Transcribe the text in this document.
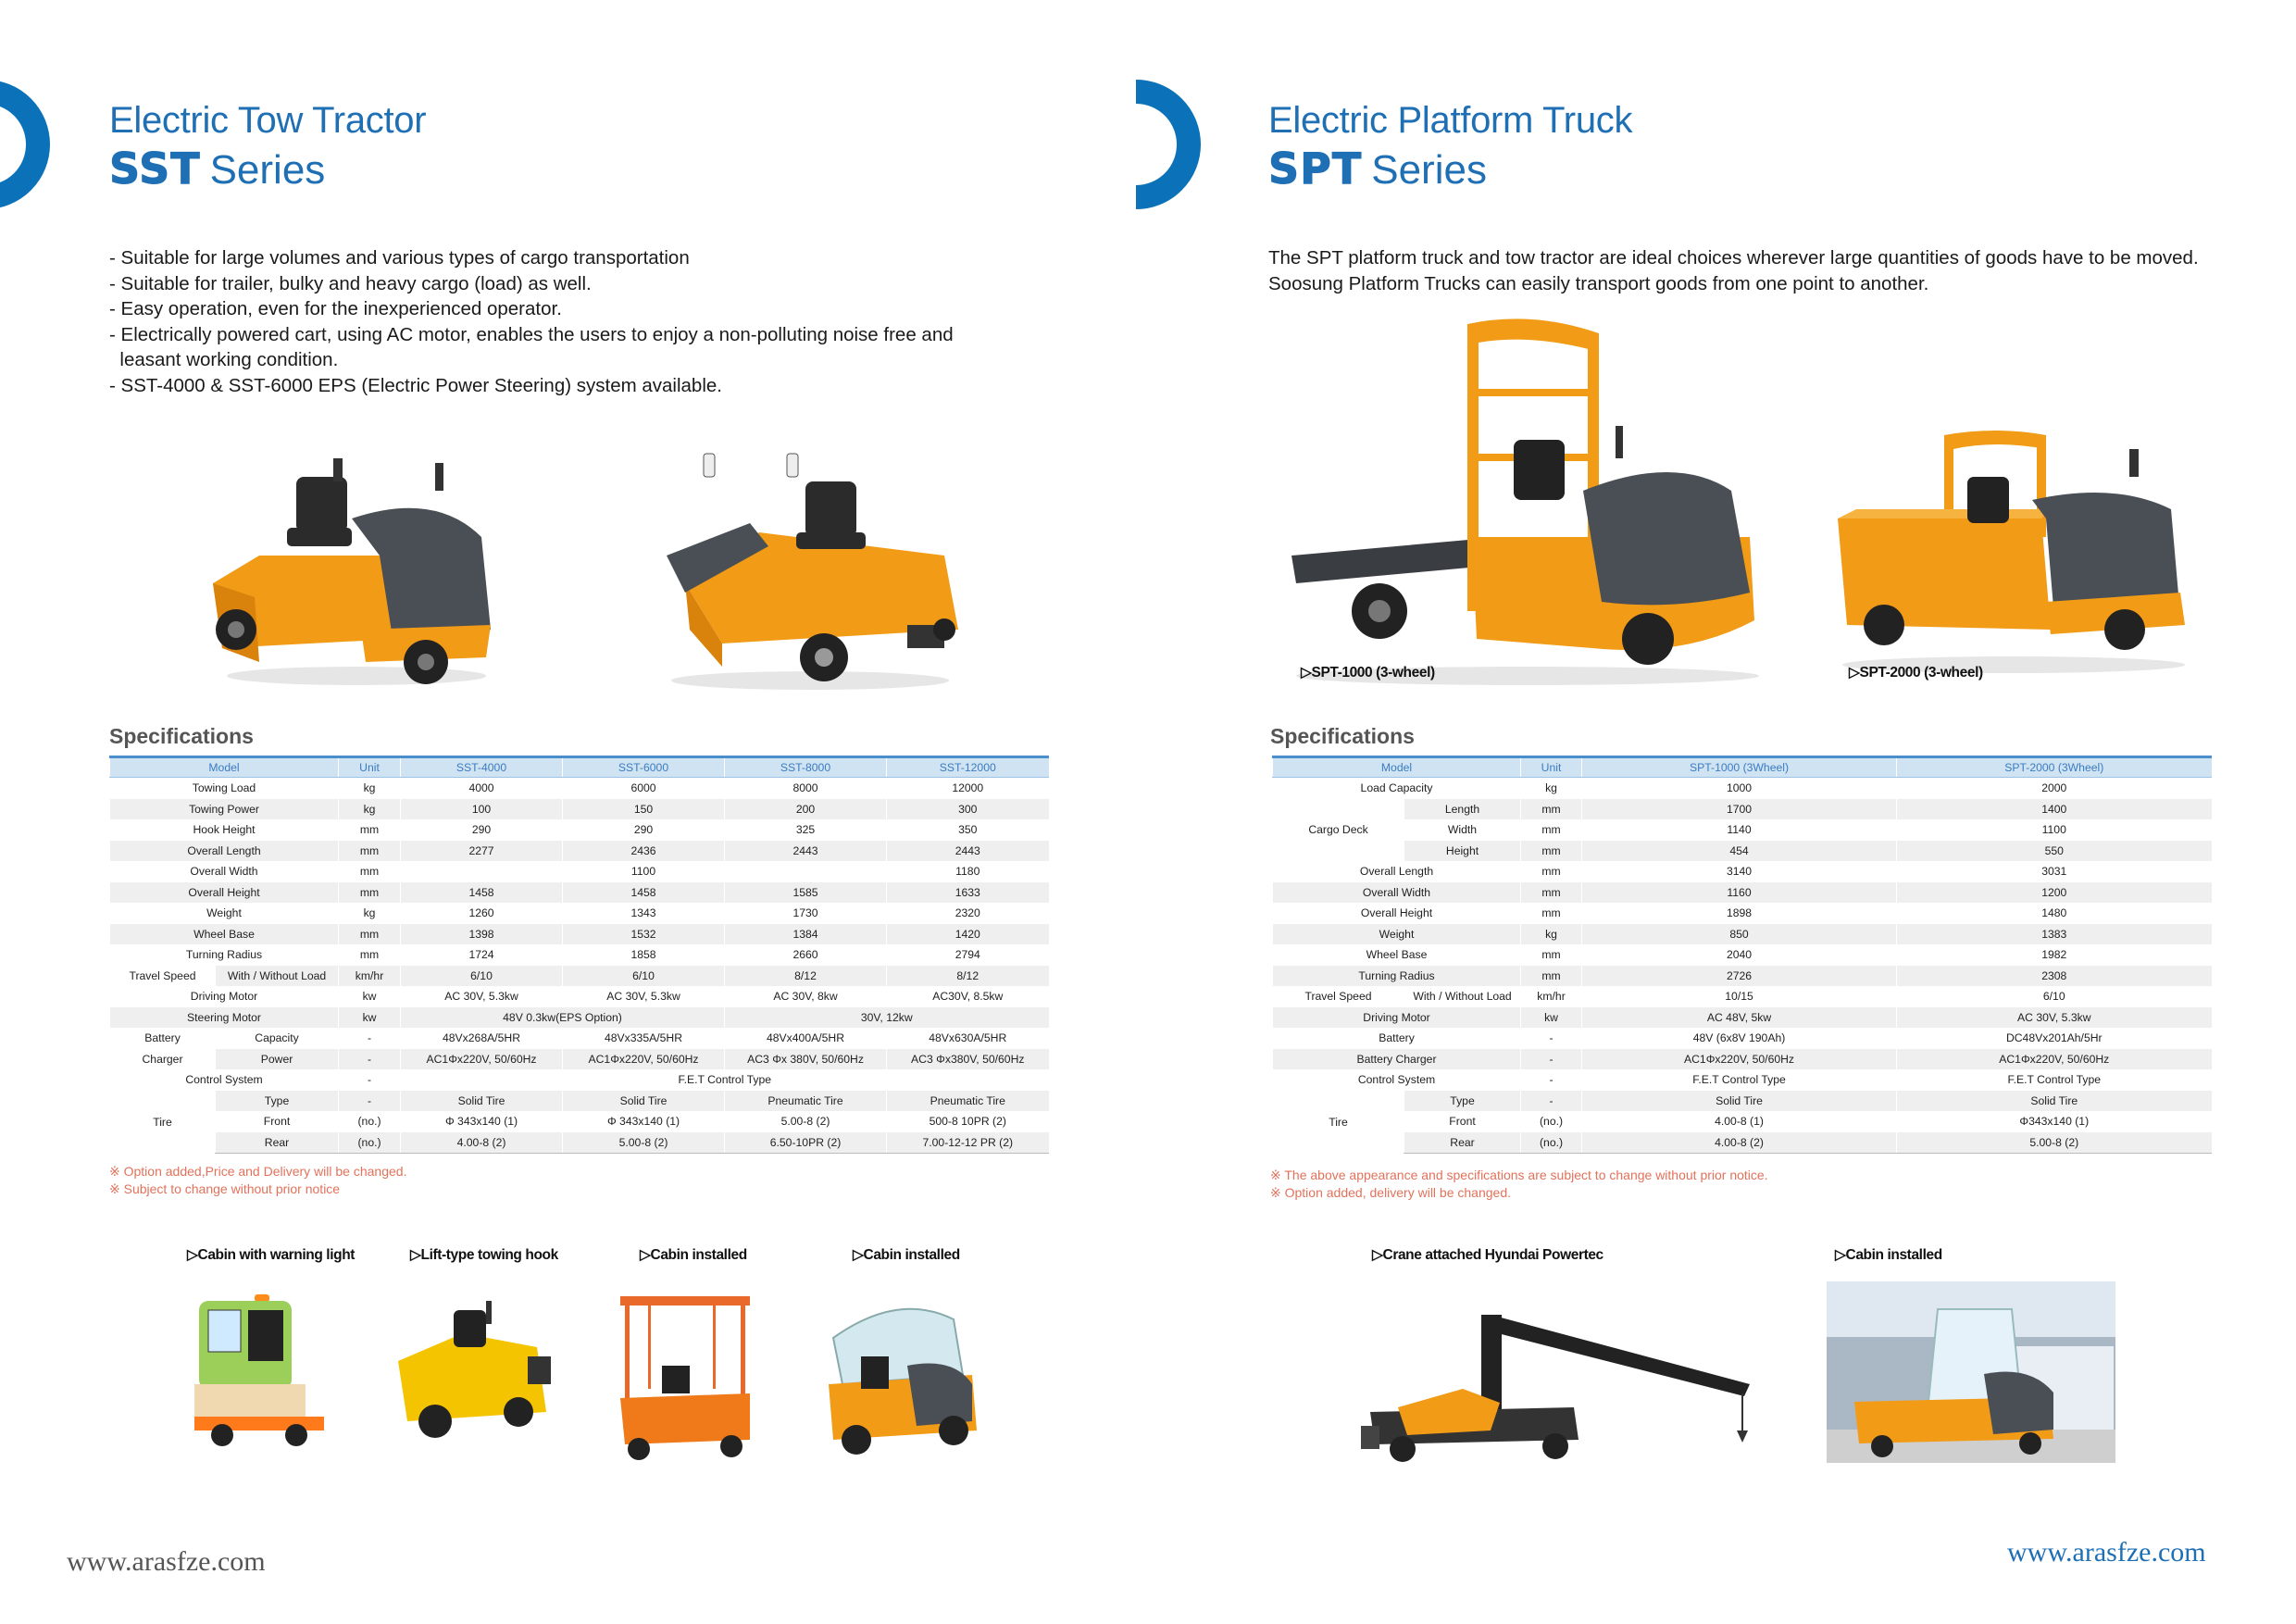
Electric Tow Tractor
SST Series
- Suitable for large volumes and various types of cargo transportation
- Suitable for trailer, bulky and heavy cargo (load) as well.
- Easy operation, even for the inexperienced operator.
- Electrically powered cart, using AC motor, enables the users to enjoy a non-polluting noise free and
leasant working condition.
- SST-4000 & SST-6000 EPS (Electric Power Steering) system available.
Specifications
Model		Unit	SST-4000	SST-6000	SST-8000	SST-12000
Towing Load		kg	4000	6000	8000	12000
Towing Power		kg	100	150	200	300
Hook Height		mm	290	290	325	350
Overall Length		mm	2277	2436	2443	2443
Overall Width		mm		1100		1180
Overall Height		mm	1458	1458	1585	1633
Weight		kg	1260	1343	1730	2320
Wheel Base		mm	1398	1532	1384	1420
Turning Radius		mm	1724	1858	2660	2794
Travel Speed	With / Without Load	km/hr	6/10	6/10	8/12	8/12
Driving Motor		kw	AC 30V, 5.3kw	AC 30V, 5.3kw	AC 30V, 8kw	AC30V, 8.5kw
Steering Motor		kw	48V 0.3kw(EPS Option)		30V, 12kw	
Battery	Capacity	-	48Vx268A/5HR	48Vx335A/5HR	48Vx400A/5HR	48Vx630A/5HR
Charger	Power	-	AC1Φx220V, 50/60Hz	AC1Φx220V, 50/60Hz	AC3 Φx 380V, 50/60Hz	AC3 Φx380V, 50/60Hz
Control System		-	F.E.T Control Type			
Tire	Type	-	Solid Tire	Solid Tire	Pneumatic Tire	Pneumatic Tire
	Front	(no.)	Φ 343x140 (1)	Φ 343x140 (1)	5.00-8 (2)	500-8 10PR (2)
	Rear	(no.)	4.00-8 (2)	5.00-8 (2)	6.50-10PR (2)	7.00-12-12 PR (2)
※ Option added,Price and Delivery will be changed.
※ Subject to change without prior notice
▷Cabin with warning light	▷Lift-type towing hook	▷Cabin installed	▷Cabin installed
www.arasfze.com
Electric Platform Truck
SPT Series
The SPT platform truck and tow tractor are ideal choices wherever large quantities of goods have to be moved.
Soosung Platform Trucks can easily transport goods from one point to another.
▷SPT-1000 (3-wheel)	▷SPT-2000 (3-wheel)
Specifications
Model		Unit	SPT-1000 (3Wheel)	SPT-2000 (3Wheel)
Load Capacity		kg	1000	2000
Cargo Deck	Length	mm	1700	1400
	Width	mm	1140	1100
	Height	mm	454	550
Overall Length		mm	3140	3031
Overall Width		mm	1160	1200
Overall Height		mm	1898	1480
Weight		kg	850	1383
Wheel Base		mm	2040	1982
Turning Radius		mm	2726	2308
Travel Speed	With / Without Load	km/hr	10/15	6/10
Driving Motor		kw	AC 48V, 5kw	AC 30V, 5.3kw
Battery		-	48V (6x8V 190Ah)	DC48Vx201Ah/5Hr
Battery Charger		-	AC1Φx220V, 50/60Hz	AC1Φx220V, 50/60Hz
Control System		-	F.E.T Control Type	F.E.T Control Type
Tire	Type	-	Solid Tire	Solid Tire
	Front	(no.)	4.00-8 (1)	Φ343x140 (1)
	Rear	(no.)	4.00-8 (2)	5.00-8 (2)
※ The above appearance and specifications are subject to change without prior notice.
※ Option added, delivery will be changed.
▷Crane attached Hyundai Powertec	▷Cabin installed
www.arasfze.com
